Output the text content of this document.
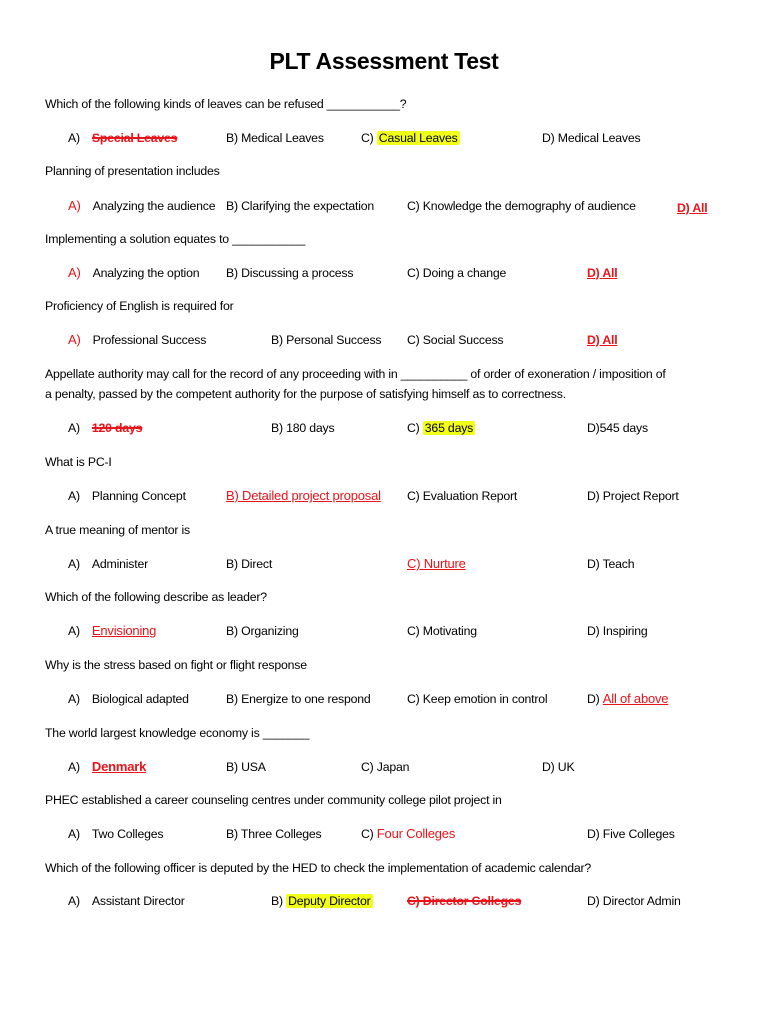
PLT Assessment Test
Which of the following kinds of leaves can be refused ___________?
A) Special Leaves	B) Medical Leaves	C) Casual Leaves	D) Medical Leaves
Planning of presentation includes
A) Analyzing the audience B) Clarifying the expectation	C) Knowledge the demography of audience	D) All
Implementing a solution equates to ___________
A) Analyzing the option B) Discussing a process	C) Doing a change	D) All
Proficiency of English is required for
A) Professional Success	B) Personal Success C) Social Success	D) All
Appellate authority may call for the record of any proceeding with in __________ of order of exoneration / imposition of
a penalty, passed by the competent authority for the purpose of satisfying himself as to correctness.
A) 120 days	B) 180 days	C) 365 days	D)545 days
What is PC-I
A) Planning Concept	B) Detailed project proposal C) Evaluation Report	D) Project Report
A true meaning of mentor is
A) Administer	B) Direct	C) Nurture	D) Teach
Which of the following describe as leader?
A) Envisioning	B) Organizing	C) Motivating	D) Inspiring
Why is the stress based on fight or flight response
A) Biological adapted	B) Energize to one respond	C) Keep emotion in control	D) All of above
The world largest knowledge economy is _______
A) Denmark	B) USA	C) Japan	D) UK
PHEC established a career counseling centres under community college pilot project in
A) Two Colleges	B) Three Colleges	C) Four Colleges	D) Five Colleges
Which of the following officer is deputed by the HED to check the implementation of academic calendar?
A) Assistant Director	B) Deputy Director	C) Director Colleges	D) Director Admin
